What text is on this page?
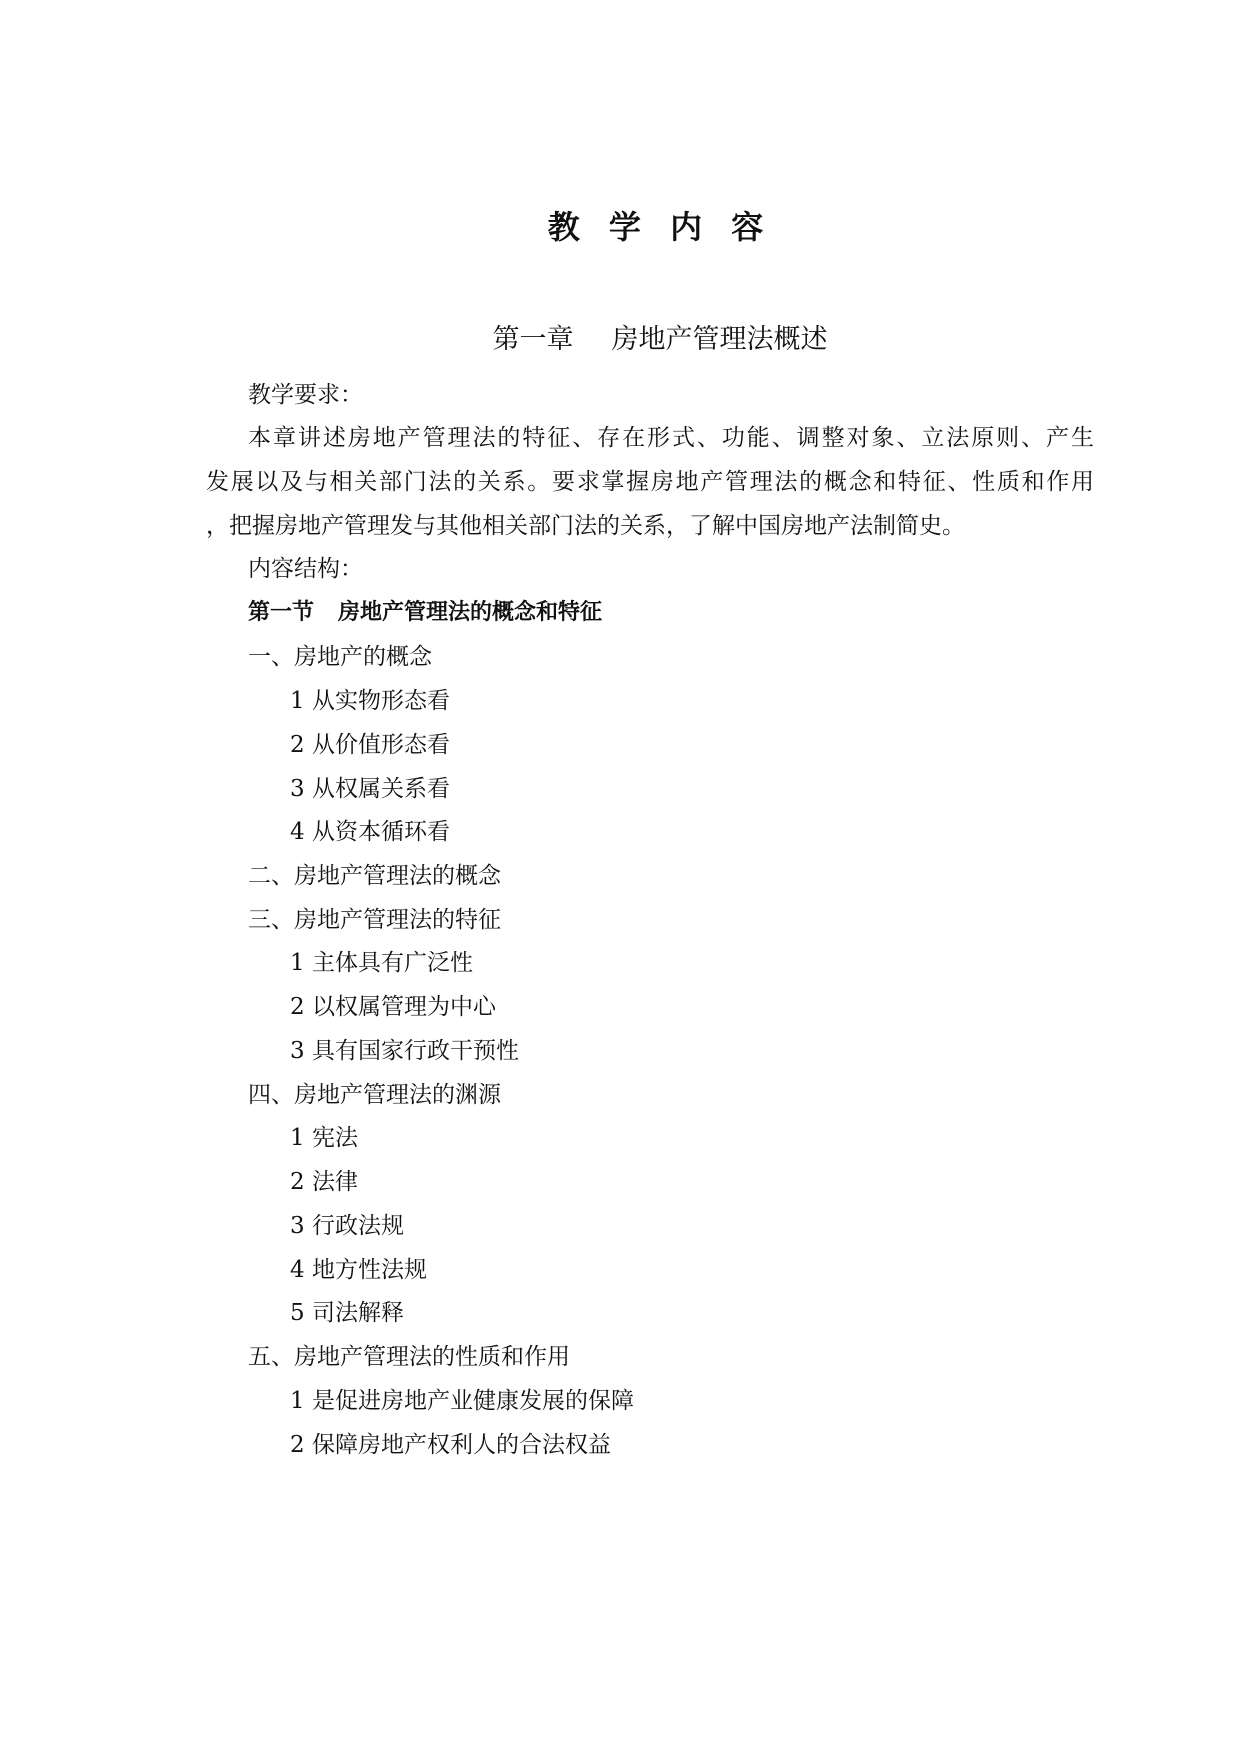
教 学 内 容
第一章 房地产管理法概述
教学要求：
本章讲述房地产管理法的特征、存在形式、功能、调整对象、立法原则、产生
发展以及与相关部门法的关系。要求掌握房地产管理法的概念和特征、性质和作用
，把握房地产管理发与其他相关部门法的关系，了解中国房地产法制简史。
内容结构：
第一节 房地产管理法的概念和特征
一、房地产的概念
1 从实物形态看
2 从价值形态看
3 从权属关系看
4 从资本循环看
二、房地产管理法的概念
三、房地产管理法的特征
1 主体具有广泛性
2 以权属管理为中心
3 具有国家行政干预性
四、房地产管理法的渊源
1 宪法
2 法律
3 行政法规
4 地方性法规
5 司法解释
五、房地产管理法的性质和作用
1 是促进房地产业健康发展的保障
2 保障房地产权利人的合法权益
